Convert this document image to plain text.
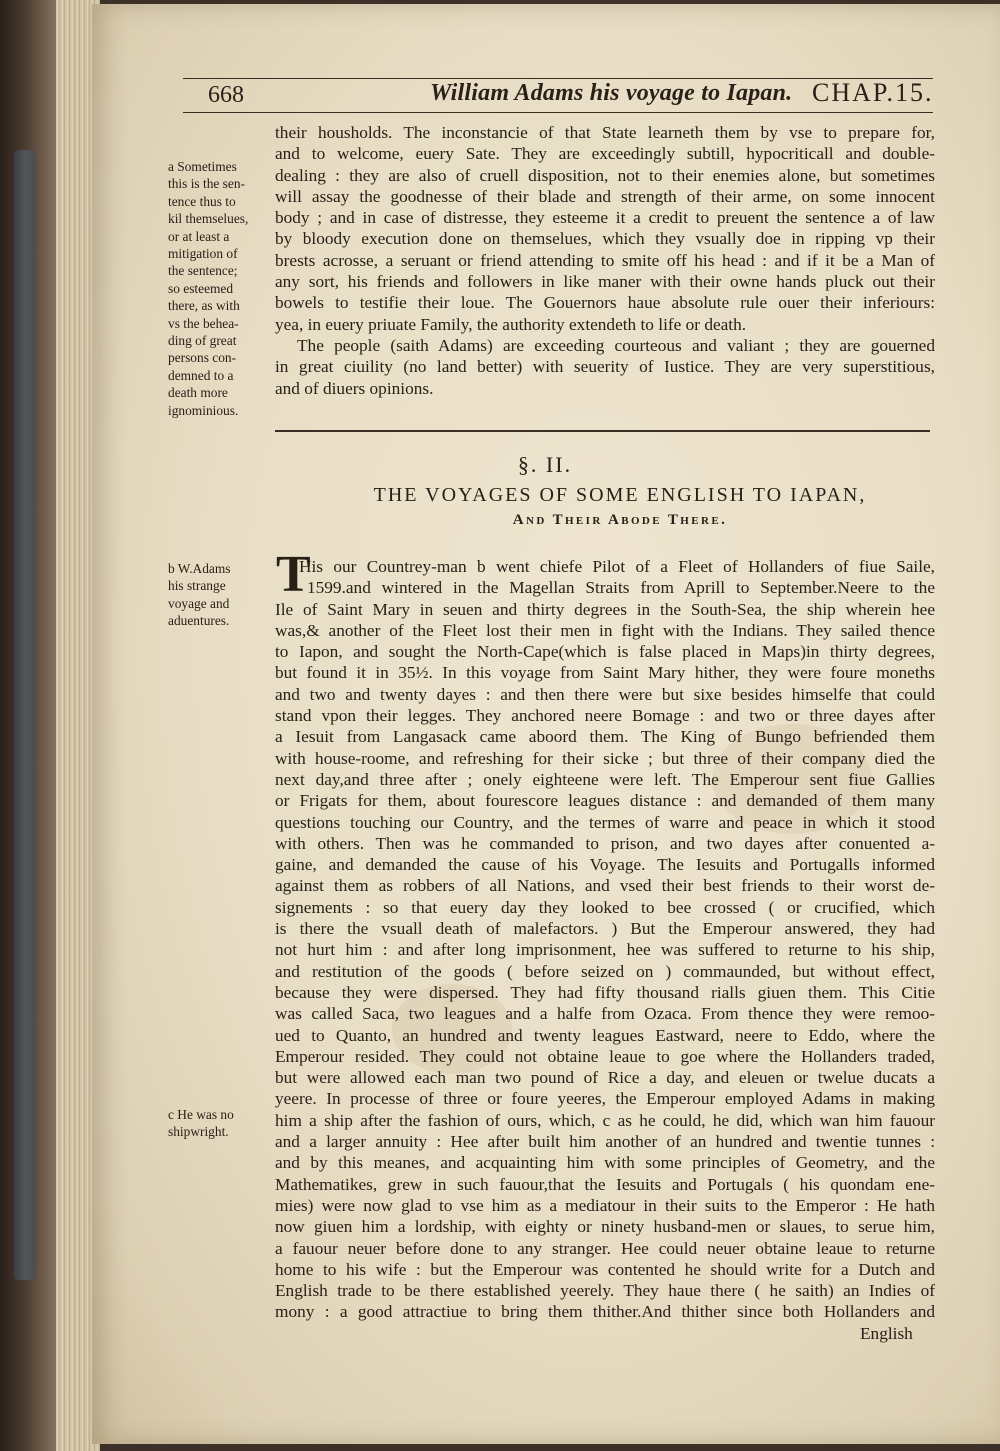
668	William Adams his voyage to Iapan. CHAP.15.
a Sometimes
this is the sen-
tence thus to
kil themselues,
or at least a
mitigation of
the sentence;
so esteemed
there, as with
vs the behea-
ding of great
persons con-
demned to a
death more
ignominious.
b W.Adams
his strange
voyage and
aduentures.
c He was no
shipwright.
their housholds. The inconstancie of that State learneth them by vse to prepare for,
and to welcome, euery Sate. They are exceedingly subtill, hypocriticall and double-
dealing : they are also of cruell disposition, not to their enemies alone, but sometimes
will assay the goodnesse of their blade and strength of their arme, on some innocent
body ; and in case of distresse, they esteeme it a credit to preuent the sentence a of law
by bloody execution done on themselues, which they vsually doe in ripping vp their
brests acrosse, a seruant or friend attending to smite off his head : and if it be a Man of
any sort, his friends and followers in like maner with their owne hands pluck out their
bowels to testifie their loue. The Gouernors haue absolute rule ouer their inferiours:
yea, in euery priuate Family, the authority extendeth to life or death.
The people (saith Adams) are exceeding courteous and valiant ; they are gouerned
in great ciuility (no land better) with seuerity of Iustice. They are very superstitious,
and of diuers opinions.
§. II.
THE VOYAGES OF SOME ENGLISH TO IAPAN,
And Their Abode There.
T
His our Countrey-man b went chiefe Pilot of a Fleet of Hollanders of fiue Saile,
1599.and wintered in the Magellan Straits from Aprill to September.Neere to the
Ile of Saint Mary in seuen and thirty degrees in the South-Sea, the ship wherein hee
was,& another of the Fleet lost their men in fight with the Indians. They sailed thence
to Iapon, and sought the North-Cape(which is false placed in Maps)in thirty degrees,
but found it in 35½. In this voyage from Saint Mary hither, they were foure moneths
and two and twenty dayes : and then there were but sixe besides himselfe that could
stand vpon their legges. They anchored neere Bomage : and two or three dayes after
a Iesuit from Langasack came aboord them. The King of Bungo befriended them
with house-roome, and refreshing for their sicke ; but three of their company died the
next day,and three after ; onely eighteene were left. The Emperour sent fiue Gallies
or Frigats for them, about fourescore leagues distance : and demanded of them many
questions touching our Country, and the termes of warre and peace in which it stood
with others. Then was he commanded to prison, and two dayes after conuented a-
gaine, and demanded the cause of his Voyage. The Iesuits and Portugalls informed
against them as robbers of all Nations, and vsed their best friends to their worst de-
signements : so that euery day they looked to bee crossed ( or crucified, which
is there the vsuall death of malefactors. ) But the Emperour answered, they had
not hurt him : and after long imprisonment, hee was suffered to returne to his ship,
and restitution of the goods ( before seized on ) commaunded, but without effect,
because they were dispersed. They had fifty thousand rialls giuen them. This Citie
was called Saca, two leagues and a halfe from Ozaca. From thence they were remoo-
ued to Quanto, an hundred and twenty leagues Eastward, neere to Eddo, where the
Emperour resided. They could not obtaine leaue to goe where the Hollanders traded,
but were allowed each man two pound of Rice a day, and eleuen or twelue ducats a
yeere. In processe of three or foure yeeres, the Emperour employed Adams in making
him a ship after the fashion of ours, which, c as he could, he did, which wan him fauour
and a larger annuity : Hee after built him another of an hundred and twentie tunnes :
and by this meanes, and acquainting him with some principles of Geometry, and the
Mathematikes, grew in such fauour,that the Iesuits and Portugals ( his quondam ene-
mies) were now glad to vse him as a mediatour in their suits to the Emperor : He hath
now giuen him a lordship, with eighty or ninety husband-men or slaues, to serue him,
a fauour neuer before done to any stranger. Hee could neuer obtaine leaue to returne
home to his wife : but the Emperour was contented he should write for a Dutch and
English trade to be there established yeerely. They haue there ( he saith) an Indies of
mony : a good attractiue to bring them thither.And thither since both Hollanders and
English
